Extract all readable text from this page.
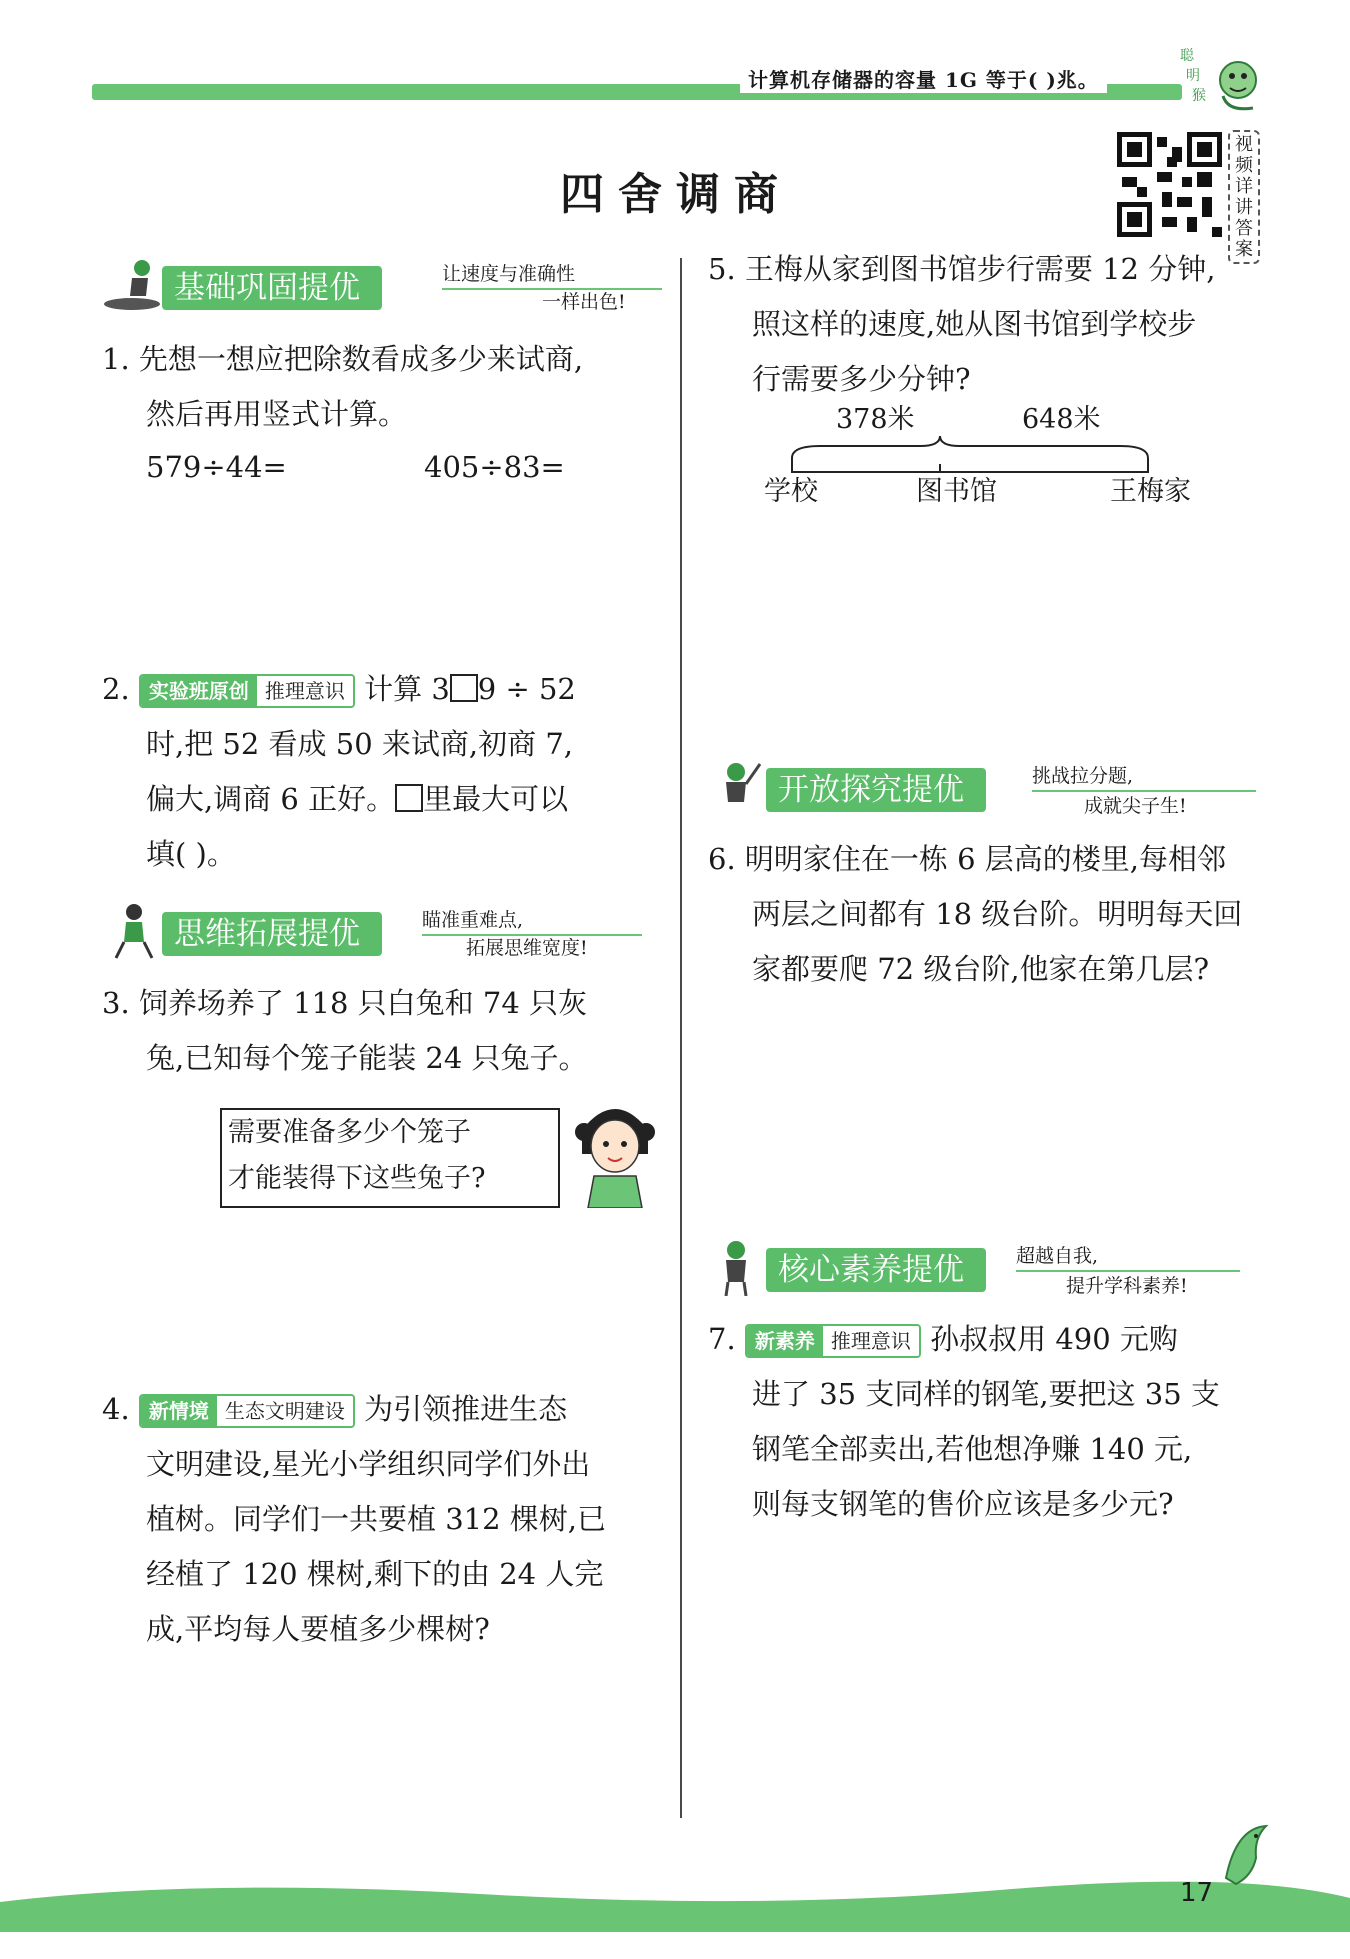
计算机存储器的容量 1G 等于( )兆。
聪
明
猴
四舍调商
视频详讲答案
基础巩固提优	让速度与准确性
一样出色!
1. 先想一想应把除数看成多少来试商,
然后再用竖式计算。
579÷44=	405÷83=
2. 实验班原创 推理意识 计算 3 9 ÷ 52
时,把 52 看成 50 来试商,初商 7,
偏大,调商 6 正好。 里最大可以
填( )。
思维拓展提优	瞄准重难点,
拓展思维宽度!
3. 饲养场养了 118 只白兔和 74 只灰
兔,已知每个笼子能装 24 只兔子。
需要准备多少个笼子
才能装得下这些兔子?
4. 新情境 生态文明建设 为引领推进生态
文明建设,星光小学组织同学们外出
植树。同学们一共要植 312 棵树,已
经植了 120 棵树,剩下的由 24 人完
成,平均每人要植多少棵树?
5. 王梅从家到图书馆步行需要 12 分钟,
照这样的速度,她从图书馆到学校步
行需要多少分钟?
378米	648米
学校	图书馆	王梅家
开放探究提优	挑战拉分题,
成就尖子生!
6. 明明家住在一栋 6 层高的楼里,每相邻
两层之间都有 18 级台阶。明明每天回
家都要爬 72 级台阶,他家在第几层?
核心素养提优	超越自我,
提升学科素养!
7. 新素养 推理意识 孙叔叔用 490 元购
进了 35 支同样的钢笔,要把这 35 支
钢笔全部卖出,若他想净赚 140 元,
则每支钢笔的售价应该是多少元?
17
